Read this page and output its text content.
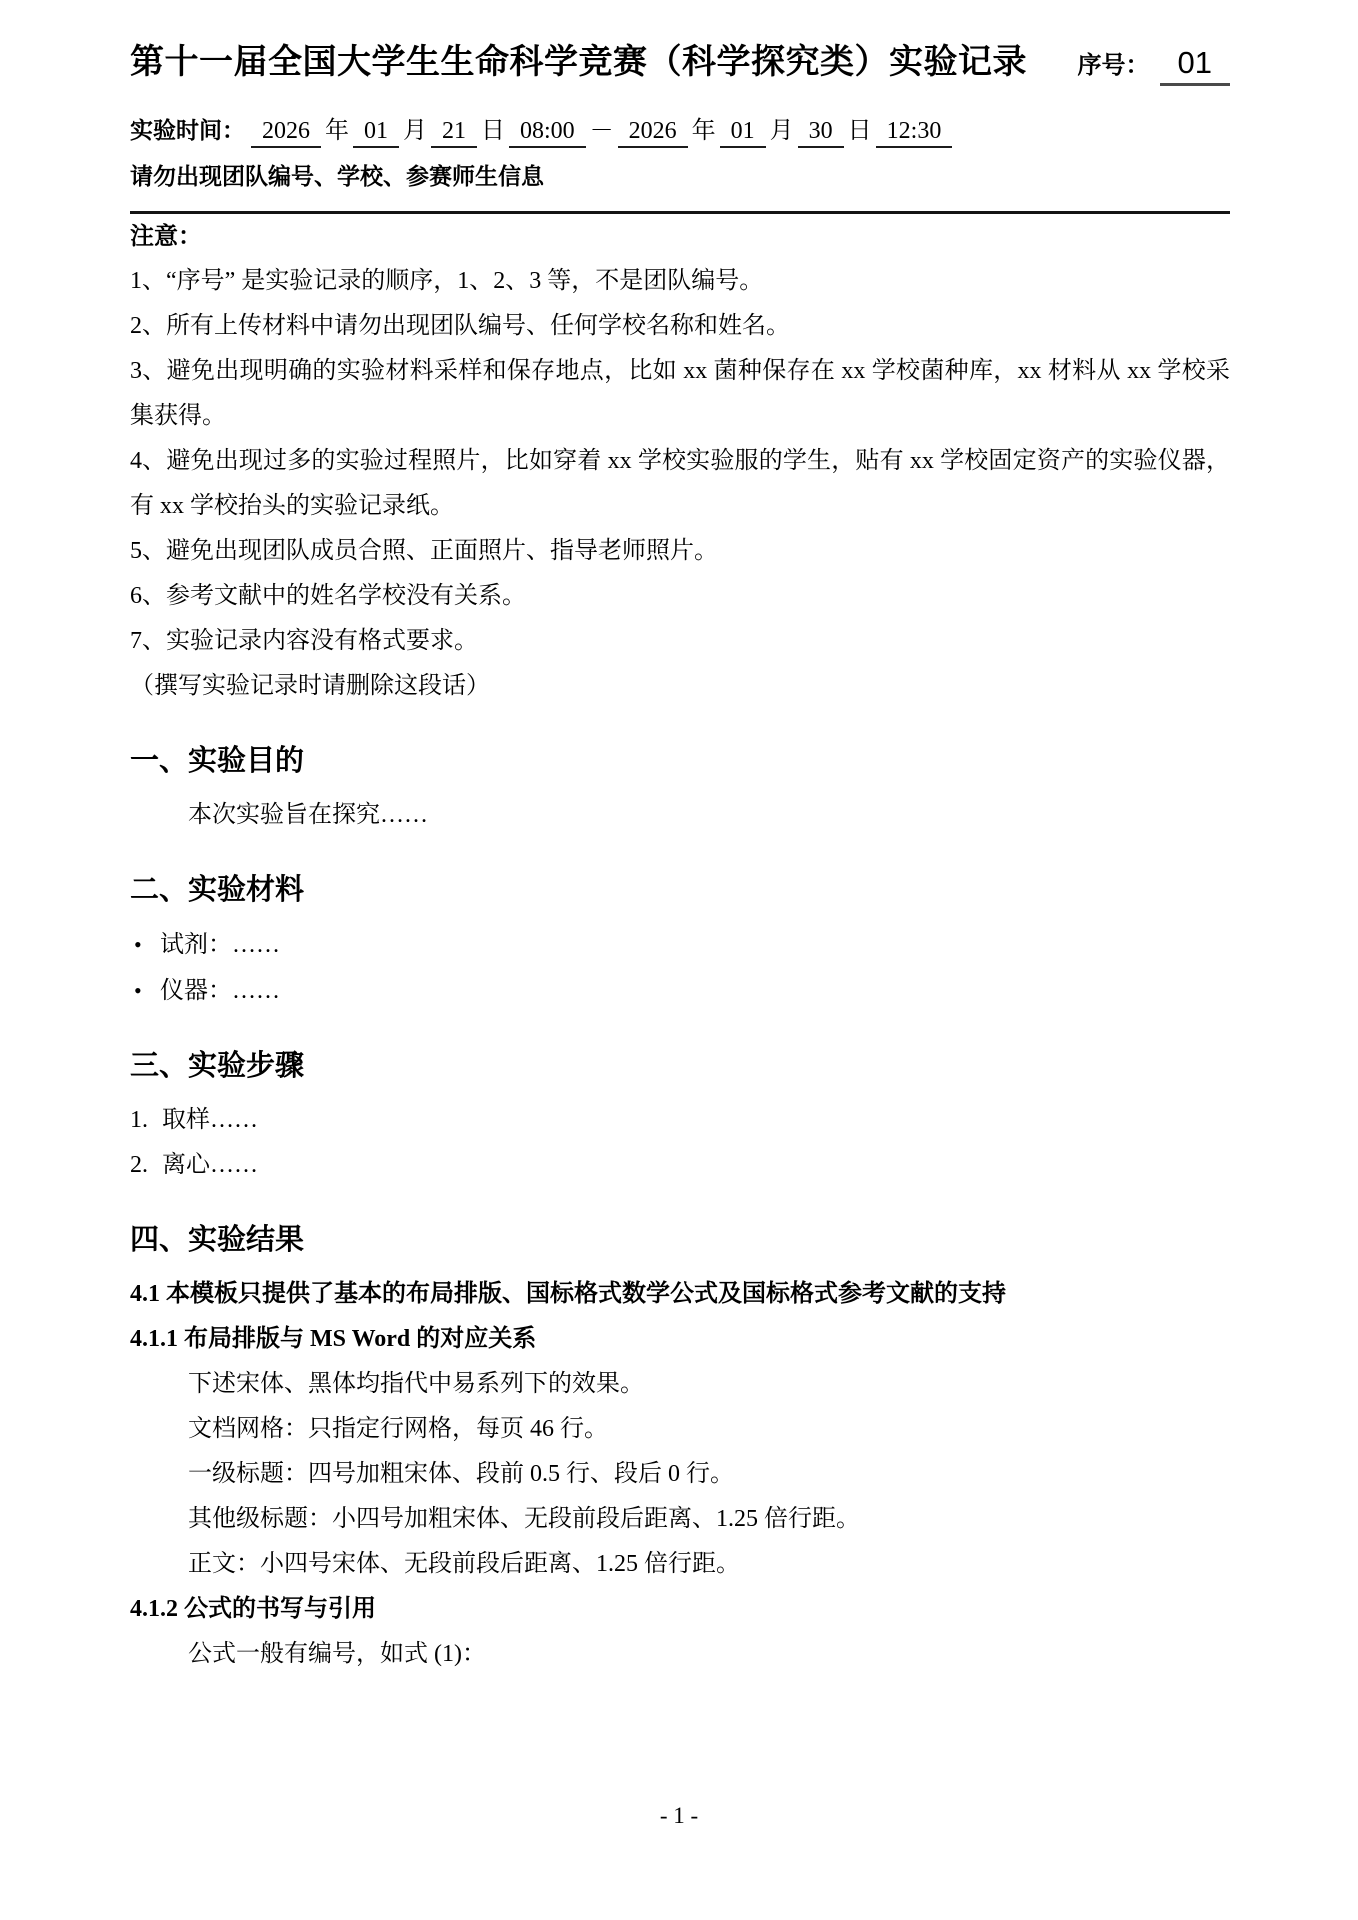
第十一届全国大学生生命科学竞赛（科学探究类）实验记录 序号： 01
实验时间： 2026 年 01 月 21 日 08:00 － 2026 年 01 月 30 日 12:30
请勿出现团队编号、学校、参赛师生信息
注意：

1、“序号” 是实验记录的顺序，1、2、3 等，不是团队编号。

2、所有上传材料中请勿出现团队编号、任何学校名称和姓名。

3、避免出现明确的实验材料采样和保存地点，比如 xx 菌种保存在 xx 学校菌种库，xx 材料从 xx 学校采集获得。

4、避免出现过多的实验过程照片，比如穿着 xx 学校实验服的学生，贴有 xx 学校固定资产的实验仪器，有 xx 学校抬头的实验记录纸。

5、避免出现团队成员合照、正面照片、指导老师照片。

6、参考文献中的姓名学校没有关系。

7、实验记录内容没有格式要求。

（撰写实验记录时请删除这段话）

一、实验目的

本次实验旨在探究……

二、实验材料

• 试剂：……

• 仪器：……

三、实验步骤

1. 取样……

2. 离心……

四、实验结果
4.1 本模板只提供了基本的布局排版、国标格式数学公式及国标格式参考文献的支持
4.1.1 布局排版与 MS Word 的对应关系

下述宋体、黑体均指代中易系列下的效果。

文档网格：只指定行网格，每页 46 行。

一级标题：四号加粗宋体、段前 0.5 行、段后 0 行。

其他级标题：小四号加粗宋体、无段前段后距离、1.25 倍行距。

正文：小四号宋体、无段前段后距离、1.25 倍行距。

4.1.2 公式的书写与引用

公式一般有编号，如式 (1)：

- 1 -
